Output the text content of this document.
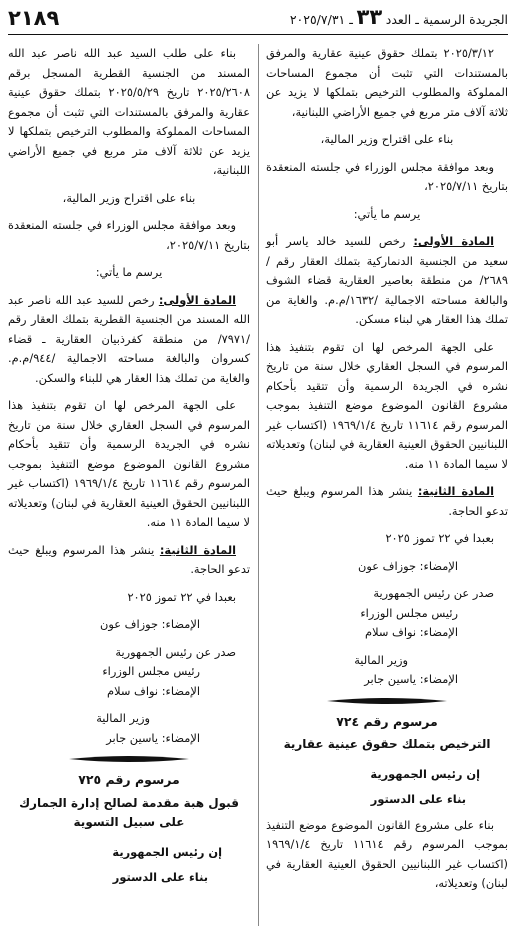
الجريدة الرسمية ـ العدد ٣٣ ـ ٢٠٢٥/٧/٣١
٢١٨٩

٢٠٢٥/٣/١٢ بتملك حقوق عينية عقارية والمرفق بالمستندات التي تثبت أن مجموع المساحات المملوكة والمطلوب الترخيص بتملكها لا يزيد عن ثلاثة آلاف متر مربع في جميع الأراضي اللبنانية،

بناء على اقتراح وزير المالية،

وبعد موافقة مجلس الوزراء في جلسته المنعقدة بتاريخ ٢٠٢٥/٧/١١،

يرسم ما يأتي:

المادة الأولى: رخص للسيد خالد ياسر أبو سعيد من الجنسية الدنماركية بتملك العقار رقم /٢٦٨٩/ من منطقة بعاصير العقارية قضاء الشوف والبالغة مساحته الاجمالية /١٦٣٢/م.م. والغاية من تملك هذا العقار هي لبناء مسكن.

على الجهة المرخص لها ان تقوم بتنفيذ هذا المرسوم في السجل العقاري خلال سنة من تاريخ نشره في الجريدة الرسمية وأن تتقيد بأحكام مشروع القانون الموضوع موضع التنفيذ بموجب المرسوم رقم ١١٦١٤ تاريخ ١٩٦٩/١/٤ (اكتساب غير اللبنانيين الحقوق العينية العقارية في لبنان) وتعديلاته لا سيما المادة ١١ منه.

المادة الثانية: ينشر هذا المرسوم ويبلغ حيث تدعو الحاجة.

بعبدا في ٢٢ تموز ٢٠٢٥

الإمضاء: جوزاف عون

صدر عن رئيس الجمهورية

رئيس مجلس الوزراء

الإمضاء: نواف سلام

وزير المالية

الإمضاء: ياسين جابر

مرسوم رقم ٧٢٤
الترخيص بتملك حقوق عينية عقارية

إن رئيس الجمهورية

بناء على الدستور

بناء على مشروع القانون الموضوع موضع التنفيذ بموجب المرسوم رقم ١١٦١٤ تاريخ ١٩٦٩/١/٤ (اكتساب غير اللبنانيين الحقوق العينية العقارية في لبنان) وتعديلاته،

بناء على طلب السيد عبد الله ناصر عبد الله المسند من الجنسية القطرية المسجل برقم ٢٠٢٥/٢٦٠٨ تاريخ ٢٠٢٥/٥/٢٩ بتملك حقوق عينية عقارية والمرفق بالمستندات التي تثبت أن مجموع المساحات المملوكة والمطلوب الترخيص بتملكها لا يزيد عن ثلاثة آلاف متر مربع في جميع الأراضي اللبنانية،

بناء على اقتراح وزير المالية،

وبعد موافقة مجلس الوزراء في جلسته المنعقدة بتاريخ ٢٠٢٥/٧/١١،

يرسم ما يأتي:

المادة الأولى: رخص للسيد عبد الله ناصر عبد الله المسند من الجنسية القطرية بتملك العقار رقم /٧٩٧١/ من منطقة كفرذبيان العقارية ـ قضاء كسروان والبالغة مساحته الاجمالية /٩٤٤/م.م. والغاية من تملك هذا العقار هي للبناء والسكن.

على الجهة المرخص لها ان تقوم بتنفيذ هذا المرسوم في السجل العقاري خلال سنة من تاريخ نشره في الجريدة الرسمية وأن تتقيد بأحكام مشروع القانون الموضوع موضع التنفيذ بموجب المرسوم رقم ١١٦١٤ تاريخ ١٩٦٩/١/٤ (اكتساب غير اللبنانيين الحقوق العينية العقارية في لبنان) وتعديلاته لا سيما المادة ١١ منه.

المادة الثانية: ينشر هذا المرسوم ويبلغ حيث تدعو الحاجة.

بعبدا في ٢٢ تموز ٢٠٢٥

الإمضاء: جوزاف عون

صدر عن رئيس الجمهورية

رئيس مجلس الوزراء

الإمضاء: نواف سلام

وزير المالية

الإمضاء: ياسين جابر

مرسوم رقم ٧٢٥
قبول هبة مقدمة لصالح إدارة الجمارك على سبيل التسوية

إن رئيس الجمهورية

بناء على الدستور
